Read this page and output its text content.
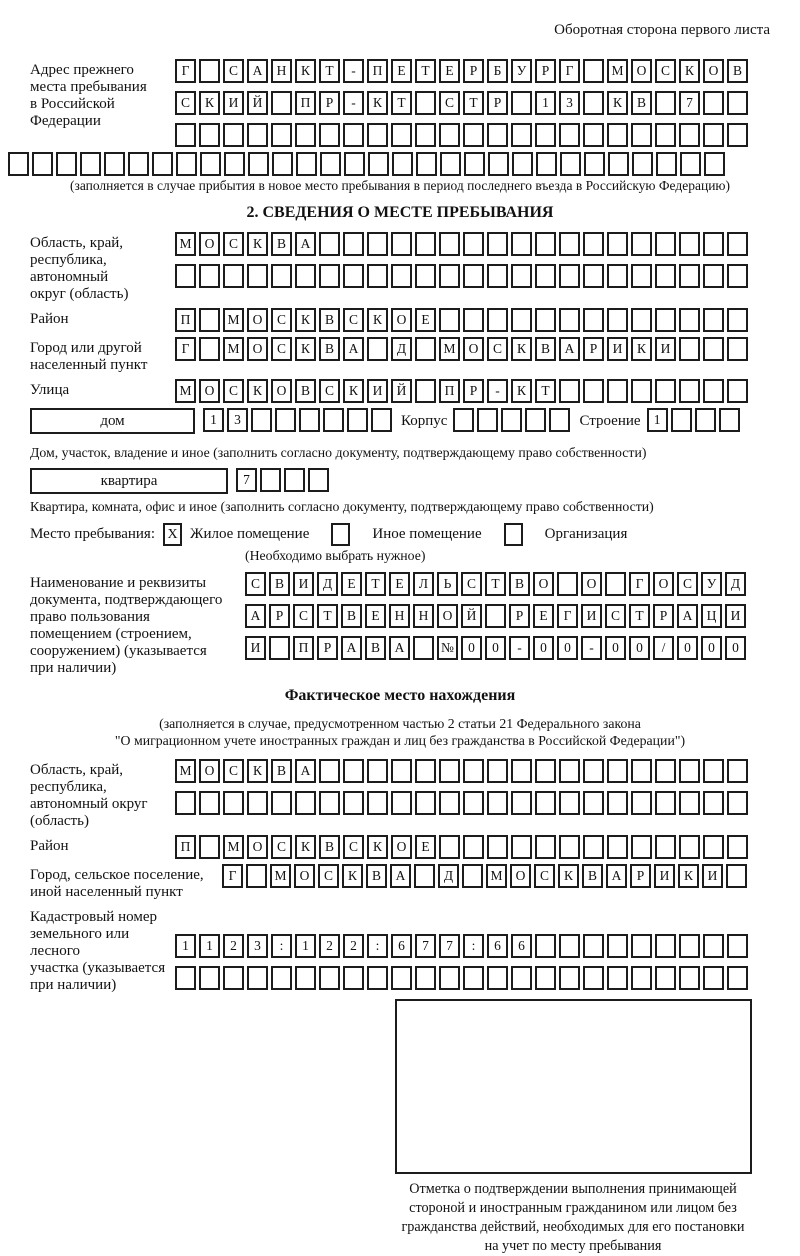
Оборотная сторона первого листа
Адрес прежнего
места пребывания
в Российской
Федерации
Г	С А Н К Т - П Е Т Е Р Б У Р Г	М О С К О В
С К И Й	П Р - К Т	С Т Р	1 3	К В	7
(заполняется в случае прибытия в новое место пребывания в период последнего въезда в Российскую Федерацию)
2. СВЕДЕНИЯ О МЕСТЕ ПРЕБЫВАНИЯ
Область, край,
республика,
автономный
округ (область)
М О С К В А
Район	П	М О С К В С К О Е
Город или другой
населенный пункт
Г	М О С К В А	Д	М О С К В А Р И К И
Улица	М О С К О В С К И Й	П Р - К Т
дом	1 3	Корпус	Строение 1
Дом, участок, владение и иное (заполнить согласно документу, подтверждающему право собственности)
квартира	7
Квартира, комната, офис и иное (заполнить согласно документу, подтверждающему право собственности)
Место пребывания: X Жилое помещение	Иное помещение	Организация
(Необходимо выбрать нужное)
Наименование и реквизиты
документа, подтверждающего
право пользования
помещением (строением,
сооружением) (указывается
при наличии)
С В И Д Е Т Е Л Ь С Т В О	О	Г О С У Д
А Р С Т В Е Н Н О Й	Р Е Г И С Т Р А Ц И
И	П Р А В А	№ 0 0 - 0 0 - 0 0 / 0 0 0
Фактическое место нахождения
(заполняется в случае, предусмотренном частью 2 статьи 21 Федерального закона
"О миграционном учете иностранных граждан и лиц без гражданства в Российской Федерации")
Область, край,
республика,
автономный округ
(область)
М О С К В А
Район	П	М О С К В С К О Е
Город, сельское поселение,
иной населенный пункт
Г	М О С К В А	Д	М О С К В А Р И К И
Кадастровый номер
земельного или лесного
участка (указывается
при наличии)
1 1 2 3 : 1 2 2 : 6 7 7 : 6 6
Отметка о подтверждении выполнения принимающей
стороной и иностранным гражданином или лицом без
гражданства действий, необходимых для его постановки
на учет по месту пребывания
